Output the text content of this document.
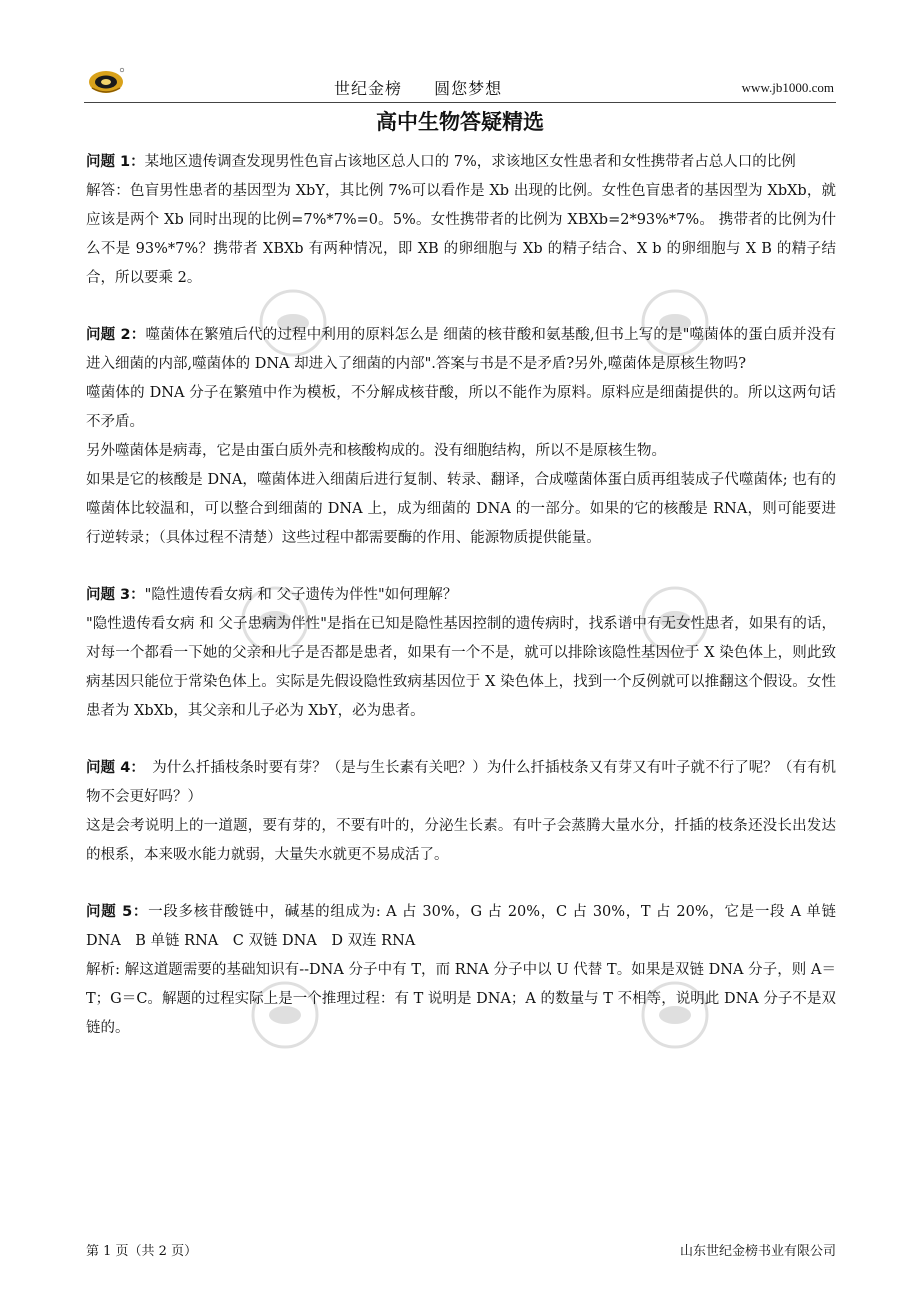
世纪金榜 圆您梦想	www.jb1000.com
高中生物答疑精选

问题 1：某地区遗传调查发现男性色盲占该地区总人口的 7%，求该地区女性患者和女性携带者占总人口的比例

解答：色盲男性患者的基因型为 XbY，其比例 7%可以看作是 Xb 出现的比例。女性色盲患者的基因型为 XbXb，就应该是两个 Xb 同时出现的比例=7%*7%=0。5%。女性携带者的比例为 XBXb=2*93%*7%。 携带者的比例为什么不是 93%*7%？携带者 XBXb 有两种情况，即 XB 的卵细胞与 Xb 的精子结合、X b 的卵细胞与 X B 的精子结合，所以要乘 2。

问题 2：噬菌体在繁殖后代的过程中利用的原料怎么是 细菌的核苷酸和氨基酸,但书上写的是"噬菌体的蛋白质并没有进入细菌的内部,噬菌体的 DNA 却进入了细菌的内部".答案与书是不是矛盾?另外,噬菌体是原核生物吗?

噬菌体的 DNA 分子在繁殖中作为模板，不分解成核苷酸，所以不能作为原料。原料应是细菌提供的。所以这两句话不矛盾。

另外噬菌体是病毒，它是由蛋白质外壳和核酸构成的。没有细胞结构，所以不是原核生物。

如果是它的核酸是 DNA，噬菌体进入细菌后进行复制、转录、翻译，合成噬菌体蛋白质再组装成子代噬菌体; 也有的噬菌体比较温和，可以整合到细菌的 DNA 上，成为细菌的 DNA 的一部分。如果的它的核酸是 RNA，则可能要进行逆转录；（具体过程不清楚）这些过程中都需要酶的作用、能源物质提供能量。

问题 3："隐性遗传看女病 和 父子遗传为伴性"如何理解？

"隐性遗传看女病 和 父子患病为伴性"是指在已知是隐性基因控制的遗传病时，找系谱中有无女性患者，如果有的话，对每一个都看一下她的父亲和儿子是否都是患者，如果有一个不是，就可以排除该隐性基因位于 X 染色体上，则此致病基因只能位于常染色体上。实际是先假设隐性致病基因位于 X 染色体上，找到一个反例就可以推翻这个假设。女性患者为 XbXb，其父亲和儿子必为 XbY，必为患者。

问题 4：　为什么扦插枝条时要有芽？（是与生长素有关吧？）为什么扦插枝条又有芽又有叶子就不行了呢？（有有机物不会更好吗？）

这是会考说明上的一道题，要有芽的，不要有叶的，分泌生长素。有叶子会蒸腾大量水分，扦插的枝条还没长出发达的根系，本来吸水能力就弱，大量失水就更不易成活了。

问题 5：一段多核苷酸链中，碱基的组成为: A 占 30%，G 占 20%，C 占 30%，T 占 20%，它是一段 A 单链 DNA　B 单链 RNA　C 双链 DNA　D 双连 RNA

解析: 解这道题需要的基础知识有--DNA 分子中有 T，而 RNA 分子中以 U 代替 T。如果是双链 DNA 分子，则 A＝T；G＝C。解题的过程实际上是一个推理过程：有 T 说明是 DNA；A 的数量与 T 不相等，说明此 DNA 分子不是双链的。

第 1 页（共 2 页）	山东世纪金榜书业有限公司
